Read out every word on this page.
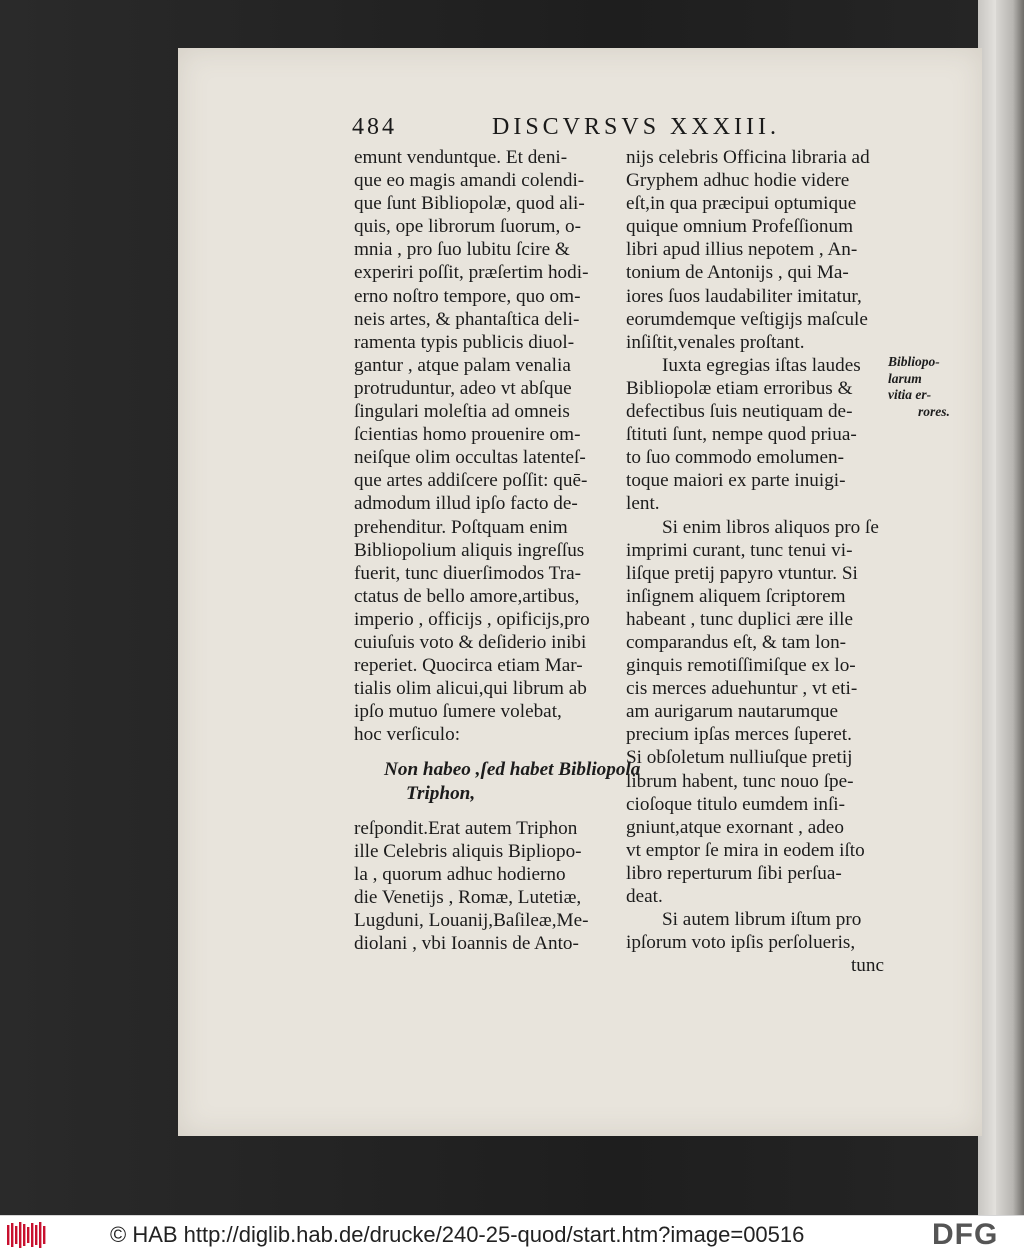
484	DISCVRSVS XXXIII.
emunt venduntque. Et deni-
que eo magis amandi colendi-
que ſunt Bibliopolæ, quod ali-
quis, ope librorum ſuorum, o-
mnia , pro ſuo lubitu ſcire &
experiri poſſit, præſertim hodi-
erno noſtro tempore, quo om-
neis artes, & phantaſtica deli-
ramenta typis publicis diuol-
gantur , atque palam venalia
protruduntur, adeo vt abſque
ſingulari moleſtia ad omneis
ſcientias homo prouenire om-
neiſque olim occultas latenteſ-
que artes addiſcere poſſit: quē-
admodum illud ipſo facto de-
prehenditur. Poſtquam enim
Bibliopolium aliquis ingreſſus
fuerit, tunc diuerſimodos Tra-
ctatus de bello amore,artibus,
imperio , officijs , opificijs,pro
cuiuſuis voto & deſiderio inibi
reperiet. Quocirca etiam Mar-
tialis olim alicui,qui librum ab
ipſo mutuo ſumere volebat,
hoc verſiculo:
Non habeo ,ſed habet Bibliopola
Triphon,
reſpondit.Erat autem Triphon
ille Celebris aliquis Bipliopo-
la , quorum adhuc hodierno
die Venetijs , Romæ, Lutetiæ,
Lugduni, Louanij,Baſileæ,Me-
diolani , vbi Ioannis de Anto-
nijs celebris Officina libraria ad
Gryphem adhuc hodie videre
eſt,in qua præcipui optumique
quique omnium Profeſſionum
libri apud illius nepotem , An-
tonium de Antonijs , qui Ma-
iores ſuos laudabiliter imitatur,
eorumdemque veſtigijs maſcule
inſiſtit,venales proſtant.
Iuxta egregias iſtas laudes
Bibliopolæ etiam erroribus &
defectibus ſuis neutiquam de-
ſtituti ſunt, nempe quod priua-
to ſuo commodo emolumen-
toque maiori ex parte inuigi-
lent.
Si enim libros aliquos pro ſe
imprimi curant, tunc tenui vi-
liſque pretij papyro vtuntur. Si
inſignem aliquem ſcriptorem
habeant , tunc duplici ære ille
comparandus eſt, & tam lon-
ginquis remotiſſimiſque ex lo-
cis merces aduehuntur , vt eti-
am aurigarum nautarumque
precium ipſas merces ſuperet.
Si obſoletum nulliuſque pretij
librum habent, tunc nouo ſpe-
cioſoque titulo eumdem inſi-
gniunt,atque exornant , adeo
vt emptor ſe mira in eodem iſto
libro reperturum ſibi perſua-
deat.
Si autem librum iſtum pro
ipſorum voto ipſis perſolueris,
tunc
Bibliopo-
larum
vitia er-
rores.
© HAB http://diglib.hab.de/drucke/240-25-quod/start.htm?image=00516	DFG
